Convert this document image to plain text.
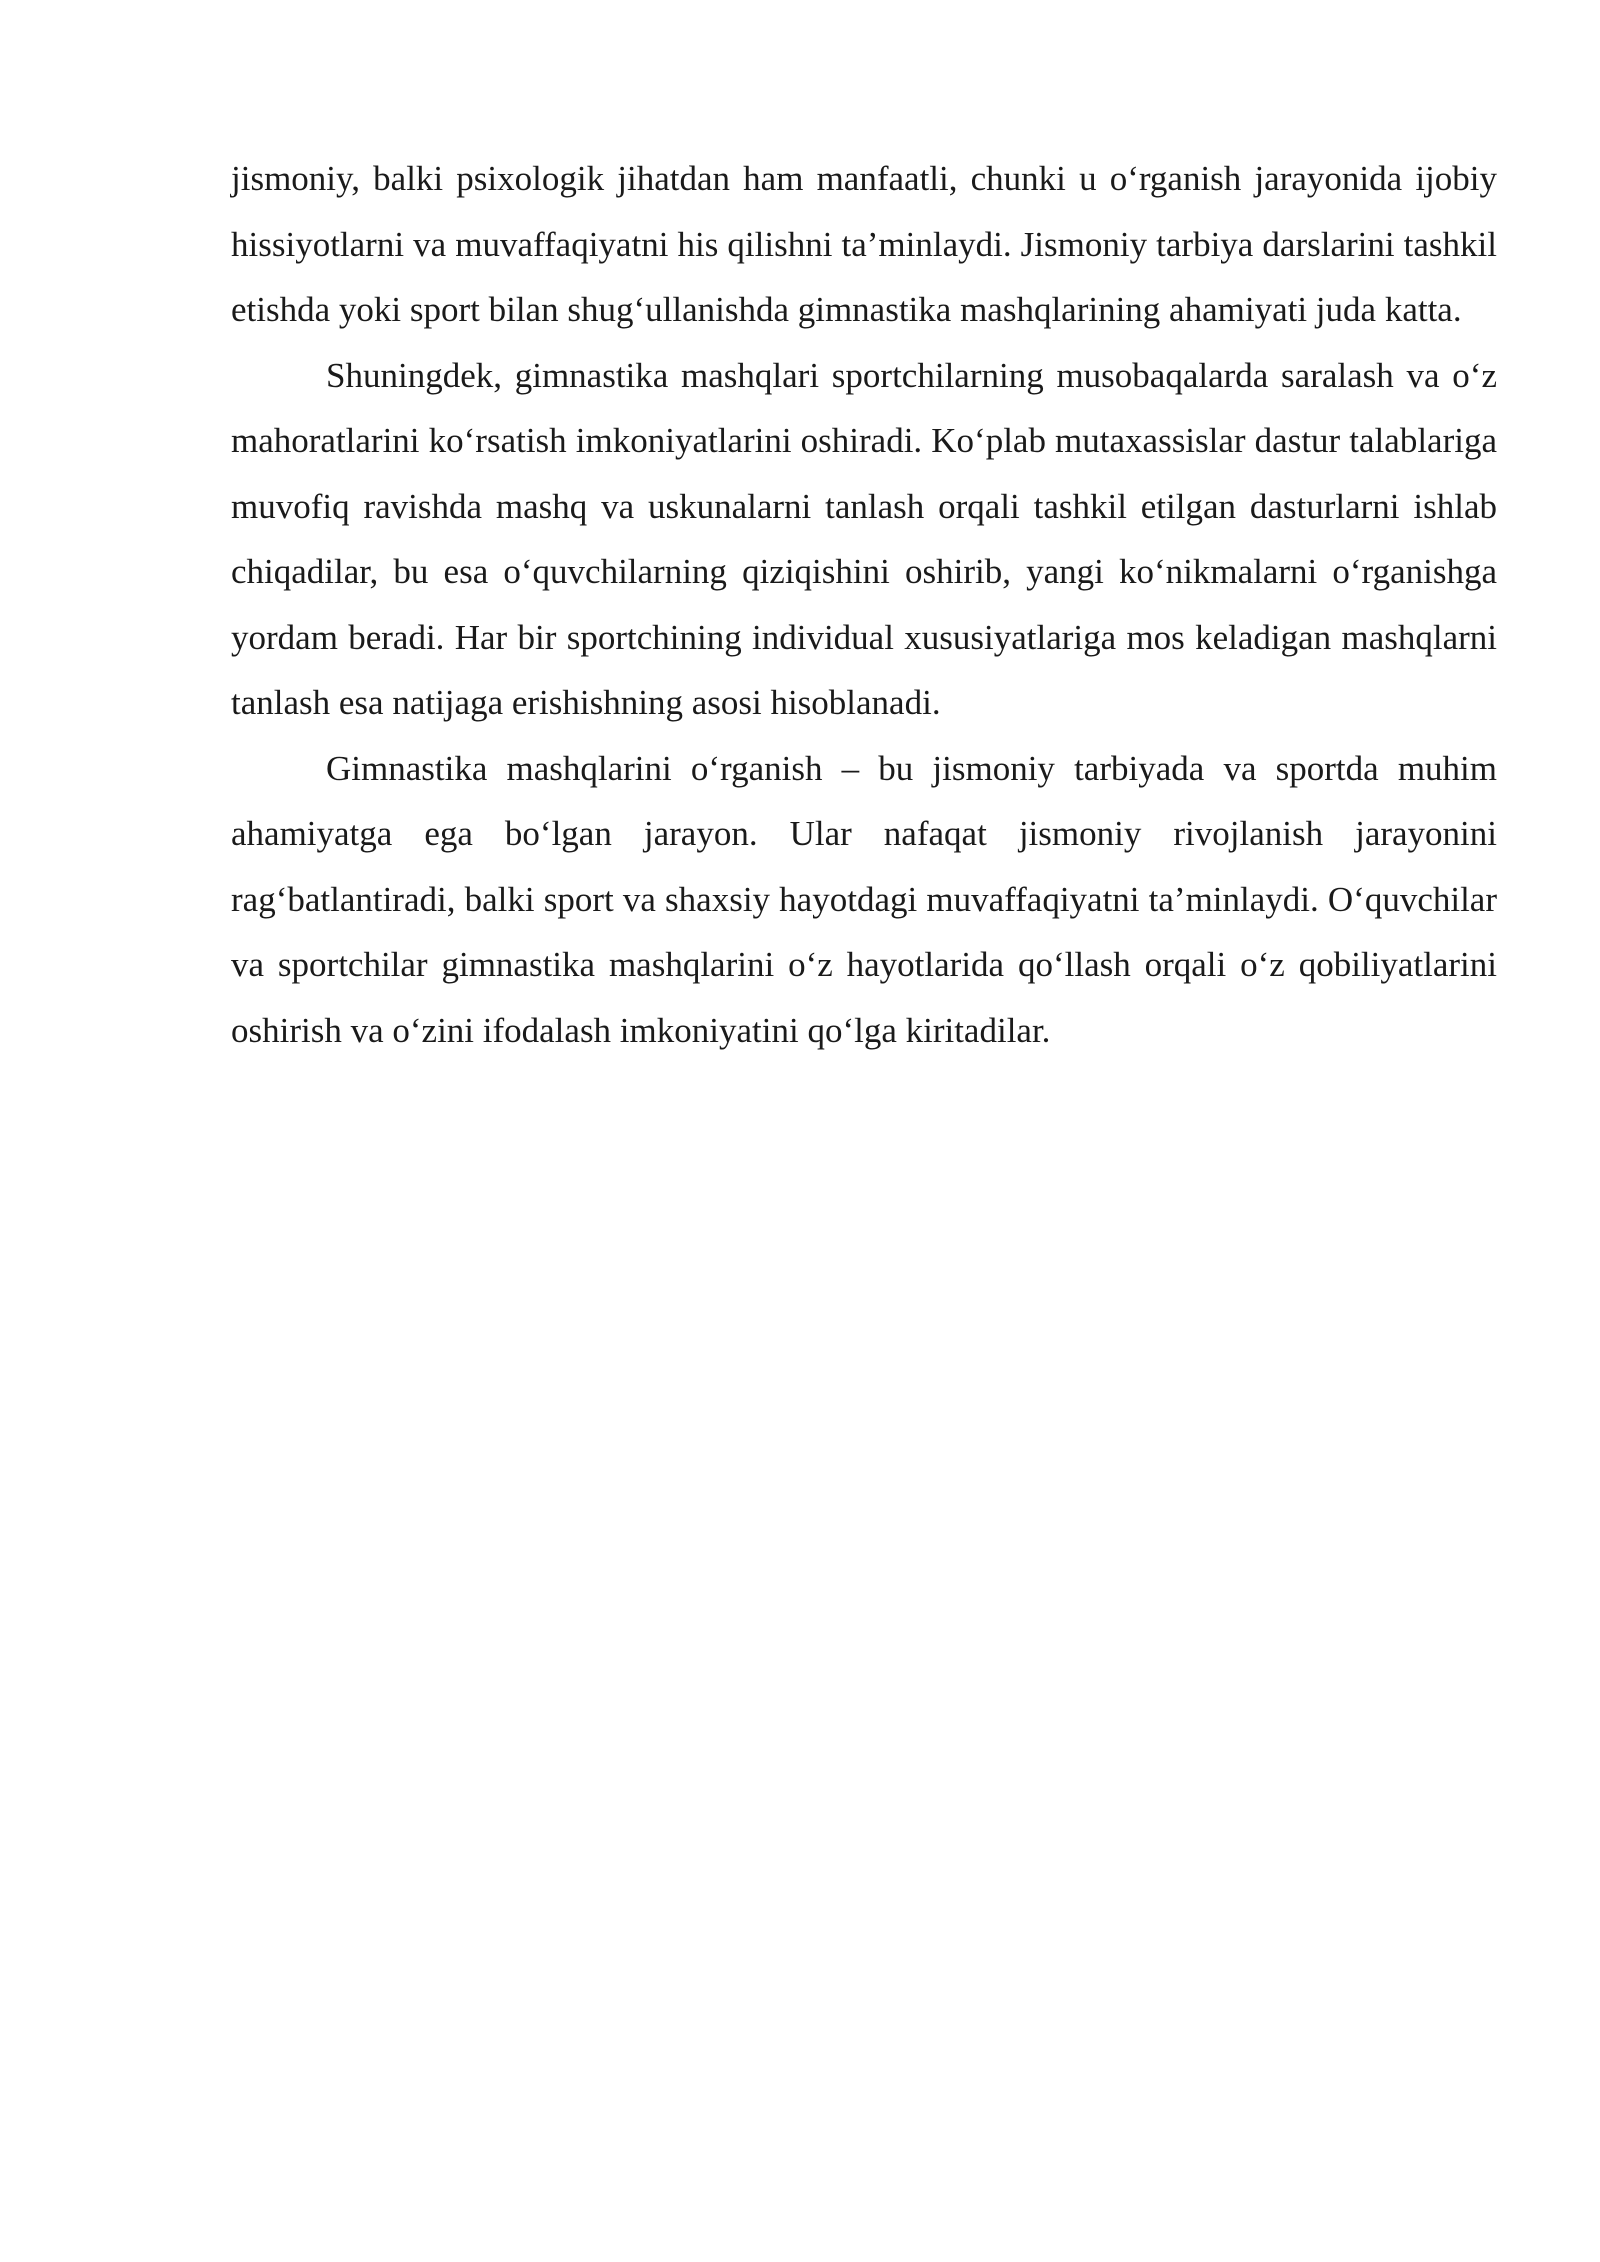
jismoniy, balki psixologik jihatdan ham manfaatli, chunki u o‘rganish jarayonida ijobiy hissiyotlarni va muvaffaqiyatni his qilishni ta’minlaydi. Jismoniy tarbiya darslarini tashkil etishda yoki sport bilan shug‘ullanishda gimnastika mashqlarining ahamiyati juda katta.

Shuningdek, gimnastika mashqlari sportchilarning musobaqalarda saralash va o‘z mahoratlarini ko‘rsatish imkoniyatlarini oshiradi. Ko‘plab mutaxassislar dastur talablariga muvofiq ravishda mashq va uskunalarni tanlash orqali tashkil etilgan dasturlarni ishlab chiqadilar, bu esa o‘quvchilarning qiziqishini oshirib, yangi ko‘nikmalarni o‘rganishga yordam beradi. Har bir sportchining individual xususiyatlariga mos keladigan mashqlarni tanlash esa natijaga erishishning asosi hisoblanadi.

Gimnastika mashqlarini o‘rganish – bu jismoniy tarbiyada va sportda muhim ahamiyatga ega bo‘lgan jarayon. Ular nafaqat jismoniy rivojlanish jarayonini rag‘batlantiradi, balki sport va shaxsiy hayotdagi muvaffaqiyatni ta’minlaydi. O‘quvchilar va sportchilar gimnastika mashqlarini o‘z hayotlarida qo‘llash orqali o‘z qobiliyatlarini oshirish va o‘zini ifodalash imkoniyatini qo‘lga kiritadilar.
